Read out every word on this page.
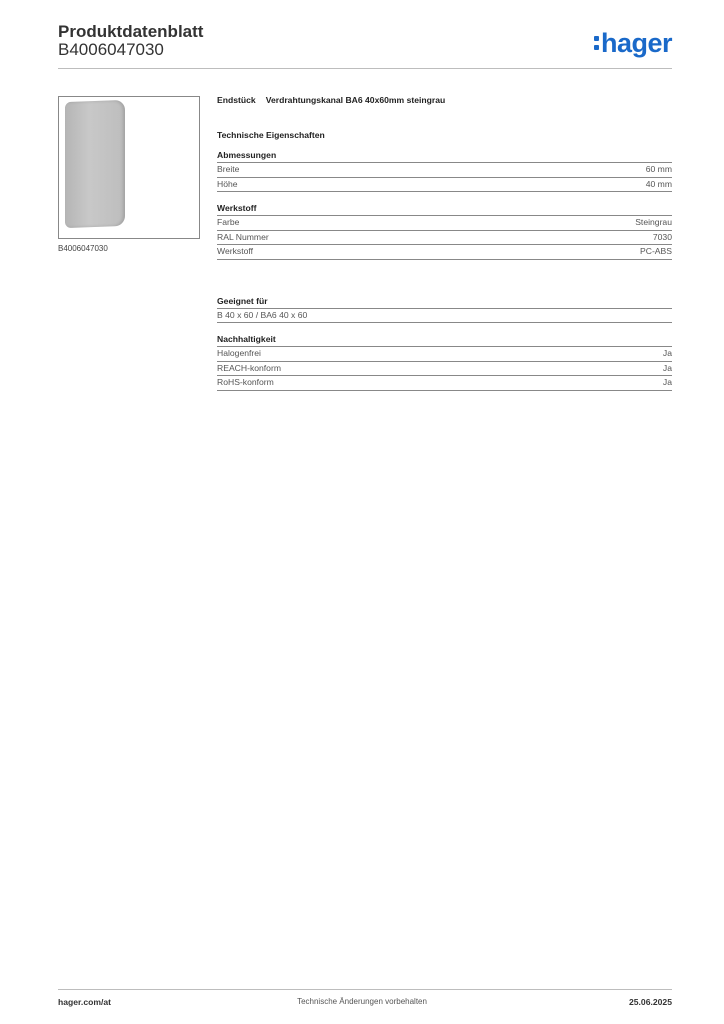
Produktdatenblatt
B4006047030	hager
B4006047030
Endstück Verdrahtungskanal BA6 40x60mm steingrau
Technische Eigenschaften
Abmessungen
Breite	60 mm
Höhe	40 mm
Werkstoff
Farbe	Steingrau
RAL Nummer	7030
Werkstoff	PC-ABS
Geeignet für
B 40 x 60 / BA6 40 x 60
Nachhaltigkeit
Halogenfrei	Ja
REACH-konform	Ja
RoHS-konform	Ja
hager.com/at	Technische Änderungen vorbehalten	25.06.2025
